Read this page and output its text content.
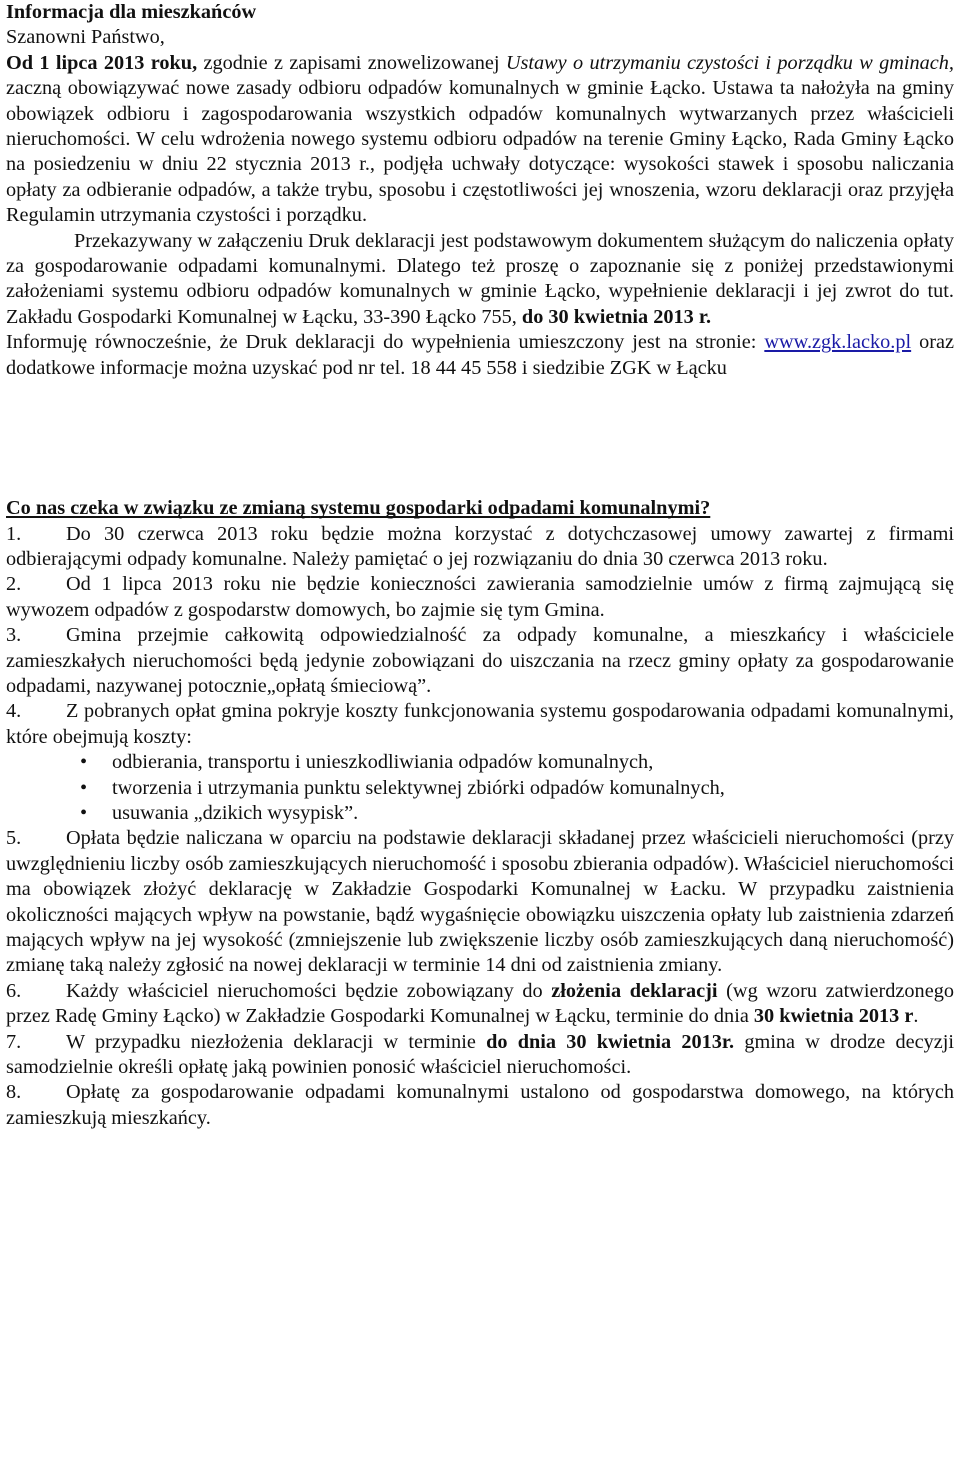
Informacja dla mieszkańców

Szanowni Państwo,

Od 1 lipca 2013 roku, zgodnie z zapisami znowelizowanej Ustawy o utrzymaniu czystości i porządku w gminach, zaczną obowiązywać nowe zasady odbioru odpadów komunalnych w gminie Łącko. Ustawa ta nałożyła na gminy obowiązek odbioru i zagospodarowania wszystkich odpadów komunalnych wytwarzanych przez właścicieli nieruchomości. W celu wdrożenia nowego systemu odbioru odpadów na terenie Gminy Łącko, Rada Gminy Łącko na posiedzeniu w dniu 22 stycznia 2013 r., podjęła uchwały dotyczące: wysokości stawek i sposobu naliczania opłaty za odbieranie odpadów, a także trybu, sposobu i częstotliwości jej wnoszenia, wzoru deklaracji oraz przyjęła Regulamin utrzymania czystości i porządku.

Przekazywany w załączeniu Druk deklaracji jest podstawowym dokumentem służącym do naliczenia opłaty za gospodarowanie odpadami komunalnymi. Dlatego też proszę o zapoznanie się z poniżej przedstawionymi założeniami systemu odbioru odpadów komunalnych w gminie Łącko, wypełnienie deklaracji i jej zwrot do tut. Zakładu Gospodarki Komunalnej w Łącku, 33-390 Łącko 755, do 30 kwietnia 2013 r.

Informuję równocześnie, że Druk deklaracji do wypełnienia umieszczony jest na stronie: www.zgk.lacko.pl oraz dodatkowe informacje można uzyskać pod nr tel. 18 44 45 558 i siedzibie ZGK w Łącku

Co nas czeka w związku ze zmianą systemu gospodarki odpadami komunalnymi?

1. Do 30 czerwca 2013 roku będzie można korzystać z dotychczasowej umowy zawartej z firmami odbierającymi odpady komunalne. Należy pamiętać o jej rozwiązaniu do dnia 30 czerwca 2013 roku.

2. Od 1 lipca 2013 roku nie będzie konieczności zawierania samodzielnie umów z firmą zajmującą się wywozem odpadów z gospodarstw domowych, bo zajmie się tym Gmina.

3. Gmina przejmie całkowitą odpowiedzialność za odpady komunalne, a mieszkańcy i właściciele zamieszkałych nieruchomości będą jedynie zobowiązani do uiszczania na rzecz gminy opłaty za gospodarowanie odpadami, nazywanej potocznie„opłatą śmieciową”.

4. Z pobranych opłat gmina pokryje koszty funkcjonowania systemu gospodarowania odpadami komunalnymi, które obejmują koszty:

• odbierania, transportu i unieszkodliwiania odpadów komunalnych,
• tworzenia i utrzymania punktu selektywnej zbiórki odpadów komunalnych,
• usuwania „dzikich wysypisk”.

5. Opłata będzie naliczana w oparciu na podstawie deklaracji składanej przez właścicieli nieruchomości (przy uwzględnieniu liczby osób zamieszkujących nieruchomość i sposobu zbierania odpadów). Właściciel nieruchomości ma obowiązek złożyć deklarację w Zakładzie Gospodarki Komunalnej w Łacku. W przypadku zaistnienia okoliczności mających wpływ na powstanie, bądź wygaśnięcie obowiązku uiszczenia opłaty lub zaistnienia zdarzeń mających wpływ na jej wysokość (zmniejszenie lub zwiększenie liczby osób zamieszkujących daną nieruchomość) zmianę taką należy zgłosić na nowej deklaracji w terminie 14 dni od zaistnienia zmiany.

6. Każdy właściciel nieruchomości będzie zobowiązany do złożenia deklaracji (wg wzoru zatwierdzonego przez Radę Gminy Łącko) w Zakładzie Gospodarki Komunalnej w Łącku, terminie do dnia 30 kwietnia 2013 r.

7. W przypadku niezłożenia deklaracji w terminie do dnia 30 kwietnia 2013r. gmina w drodze decyzji samodzielnie określi opłatę jaką powinien ponosić właściciel nieruchomości.

8. Opłatę za gospodarowanie odpadami komunalnymi ustalono od gospodarstwa domowego, na których zamieszkują mieszkańcy.
